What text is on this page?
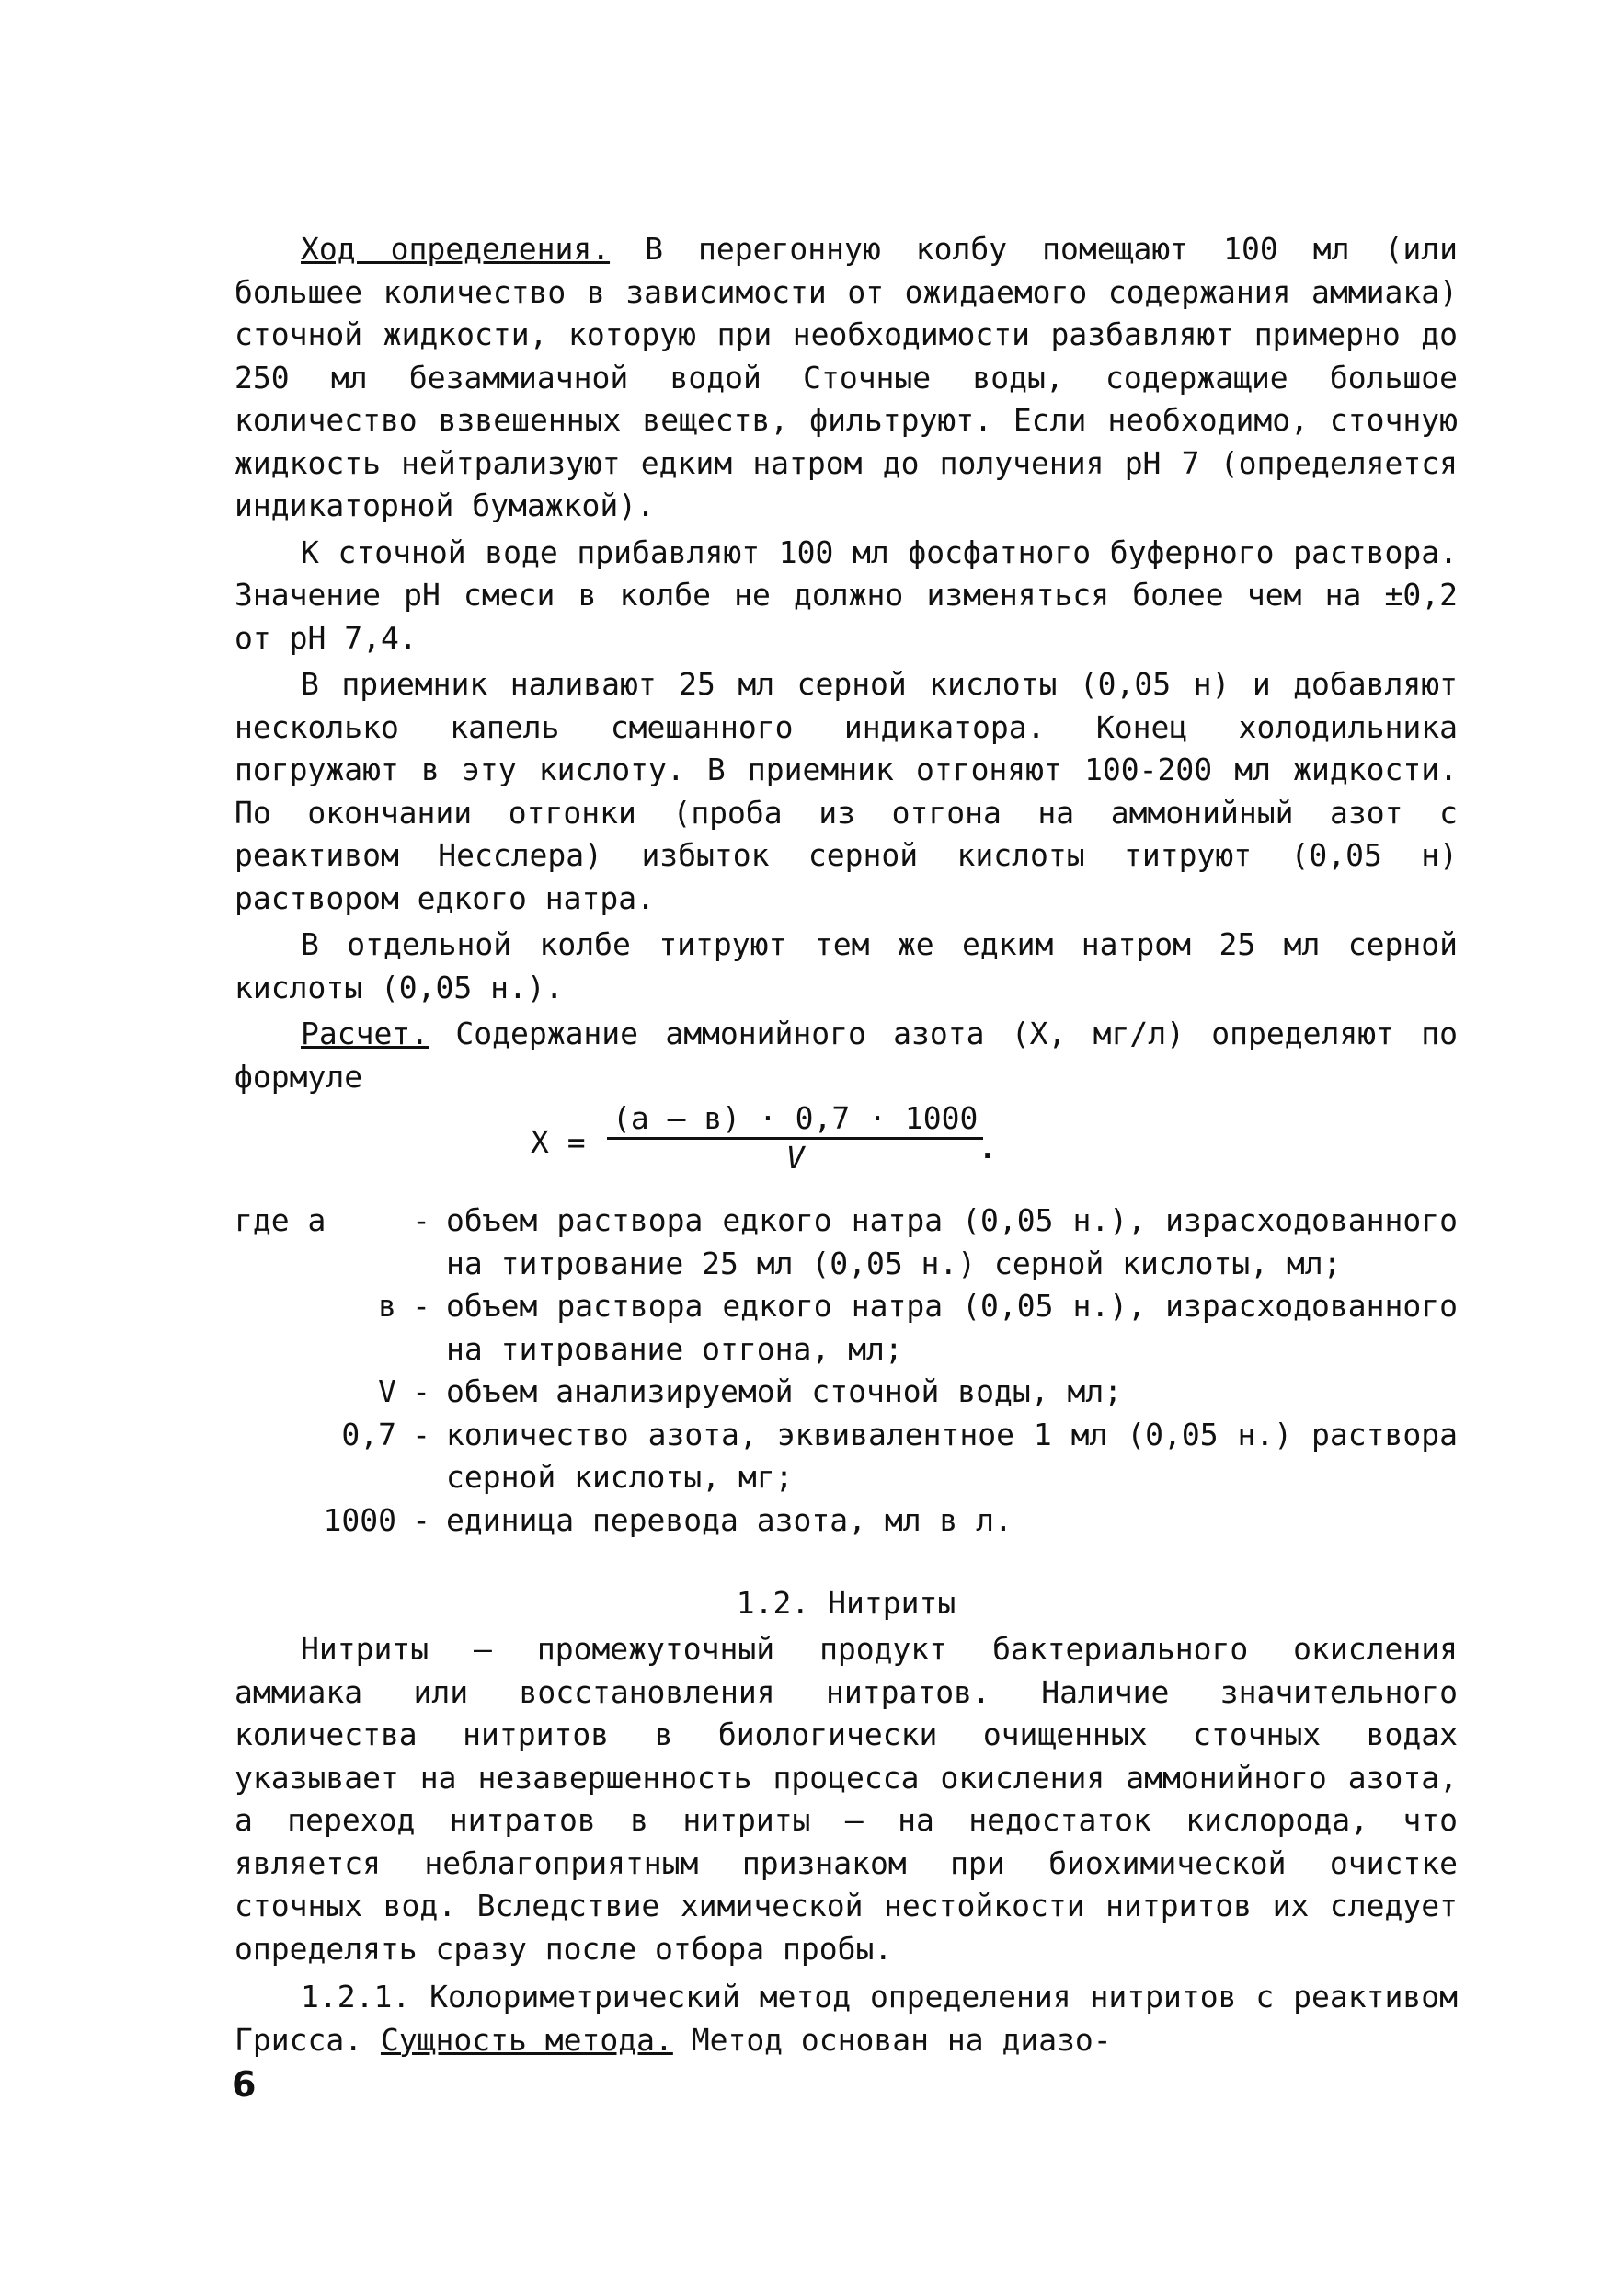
Ход определения. В перегонную колбу помещают 100 мл (или большее количество в зависимости от ожидаемого содержания аммиака) сточной жидкости, которую при необходимости разбавляют примерно до 250 мл безаммиачной водой Сточные воды, содержащие большое количество взвешенных веществ, фильтруют. Если необходимо, сточную жидкость нейтрализуют едким натром до получения pH 7 (определяется индикаторной бумажкой).

К сточной воде прибавляют 100 мл фосфатного буферного раствора. Значение pH смеси в колбе не должно изменяться более чем на ±0,2 от pH 7,4.

В приемник наливают 25 мл серной кислоты (0,05 н) и добавляют несколько капель смешанного индикатора. Конец холодильника погружают в эту кислоту. В приемник отгоняют 100-200 мл жидкости. По окончании отгонки (проба из отгона на аммонийный азот с реактивом Несслера) избыток серной кислоты титруют (0,05 н) раствором едкого натра.

В отдельной колбе титруют тем же едким натром 25 мл серной кислоты (0,05 н.).

Расчет. Содержание аммонийного азота (X, мг/л) определяют по формуле

X =
(а – в) · 0,7 · 1000
V	.
где а	- объем раствора едкого натра (0,05 н.), израсходованного на титрование 25 мл (0,05 н.) серной кислоты, мл;
в - объем раствора едкого натра (0,05 н.), израсходованного на титрование отгона, мл;
V - объем анализируемой сточной воды, мл;
0,7 - количество азота, эквивалентное 1 мл (0,05 н.) раствора серной кислоты, мг;
1000 - единица перевода азота, мл в л.
1.2. Нитриты

Нитриты – промежуточный продукт бактериального окисления аммиака или восстановления нитратов. Наличие значительного количества нитритов в биологически очищенных сточных водах указывает на незавершенность процесса окисления аммонийного азота, а переход нитратов в нитриты – на недостаток кислорода, что является неблагоприятным признаком при биохимической очистке сточных вод. Вследствие химической нестойкости нитритов их следует определять сразу после отбора пробы.

1.2.1. Колориметрический метод определения нитритов с реактивом Грисса. Сущность метода. Метод основан на диазо-

6
